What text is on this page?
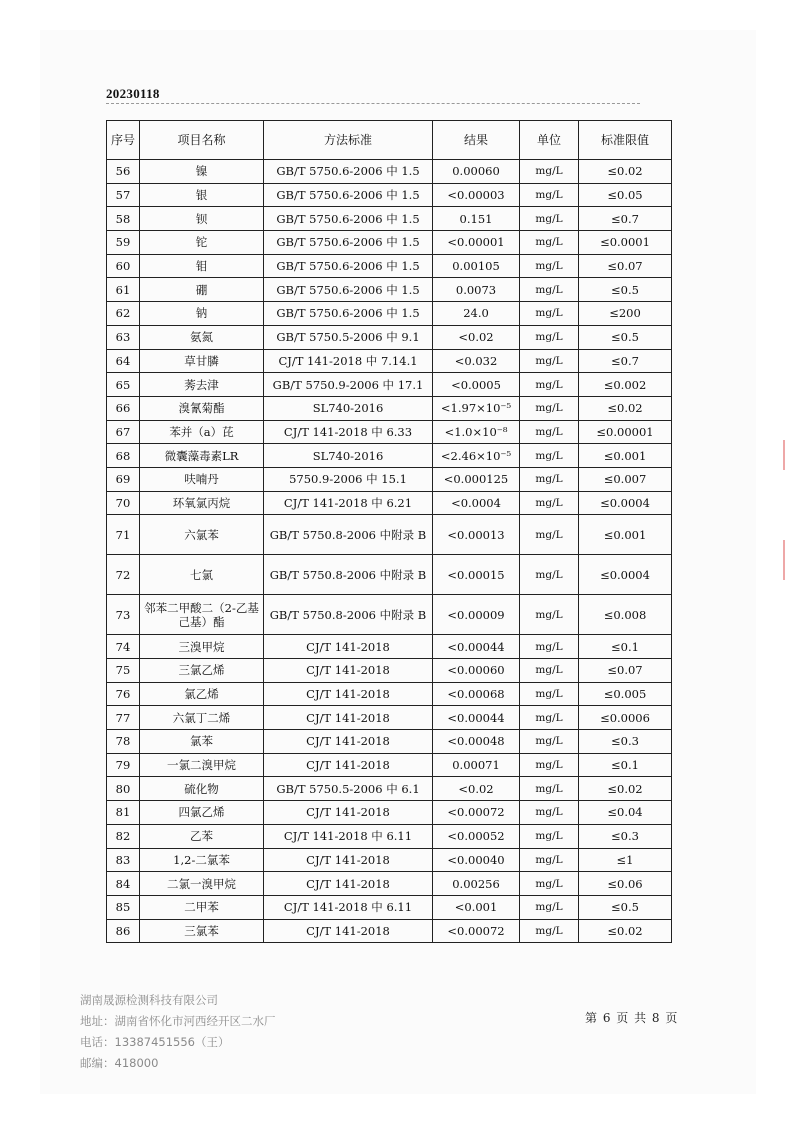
20230118
序号	项目名称	方法标准	结果	单位	标准限值
56	镍	GB/T 5750.6-2006 中 1.5	0.00060	mg/L	≤0.02
57	银	GB/T 5750.6-2006 中 1.5	<0.00003	mg/L	≤0.05
58	钡	GB/T 5750.6-2006 中 1.5	0.151	mg/L	≤0.7
59	铊	GB/T 5750.6-2006 中 1.5	<0.00001	mg/L	≤0.0001
60	钼	GB/T 5750.6-2006 中 1.5	0.00105	mg/L	≤0.07
61	硼	GB/T 5750.6-2006 中 1.5	0.0073	mg/L	≤0.5
62	钠	GB/T 5750.6-2006 中 1.5	24.0	mg/L	≤200
63	氨氮	GB/T 5750.5-2006 中 9.1	<0.02	mg/L	≤0.5
64	草甘膦	CJ/T 141-2018 中 7.14.1	<0.032	mg/L	≤0.7
65	莠去津	GB/T 5750.9-2006 中 17.1	<0.0005	mg/L	≤0.002
66	溴氰菊酯	SL740-2016	<1.97×10⁻⁵	mg/L	≤0.02
67	苯并（a）芘	CJ/T 141-2018 中 6.33	<1.0×10⁻⁸	mg/L	≤0.00001
68	微囊藻毒素LR	SL740-2016	<2.46×10⁻⁵	mg/L	≤0.001
69	呋喃丹	5750.9-2006 中 15.1	<0.000125	mg/L	≤0.007
70	环氧氯丙烷	CJ/T 141-2018 中 6.21	<0.0004	mg/L	≤0.0004
71	六氯苯	GB/T 5750.8-2006 中附录 B	<0.00013	mg/L	≤0.001
72	七氯	GB/T 5750.8-2006 中附录 B	<0.00015	mg/L	≤0.0004
73	邻苯二甲酸二（2-乙基己基）酯	GB/T 5750.8-2006 中附录 B	<0.00009	mg/L	≤0.008
74	三溴甲烷	CJ/T 141-2018	<0.00044	mg/L	≤0.1
75	三氯乙烯	CJ/T 141-2018	<0.00060	mg/L	≤0.07
76	氯乙烯	CJ/T 141-2018	<0.00068	mg/L	≤0.005
77	六氯丁二烯	CJ/T 141-2018	<0.00044	mg/L	≤0.0006
78	氯苯	CJ/T 141-2018	<0.00048	mg/L	≤0.3
79	一氯二溴甲烷	CJ/T 141-2018	0.00071	mg/L	≤0.1
80	硫化物	GB/T 5750.5-2006 中 6.1	<0.02	mg/L	≤0.02
81	四氯乙烯	CJ/T 141-2018	<0.00072	mg/L	≤0.04
82	乙苯	CJ/T 141-2018 中 6.11	<0.00052	mg/L	≤0.3
83	1,2-二氯苯	CJ/T 141-2018	<0.00040	mg/L	≤1
84	二氯一溴甲烷	CJ/T 141-2018	0.00256	mg/L	≤0.06
85	二甲苯	CJ/T 141-2018 中 6.11	<0.001	mg/L	≤0.5
86	三氯苯	CJ/T 141-2018	<0.00072	mg/L	≤0.02
湖南晟源检测科技有限公司
地址：湖南省怀化市河西经开区二水厂
电话：13387451556（王）
邮编：418000
第 6 页 共 8 页
